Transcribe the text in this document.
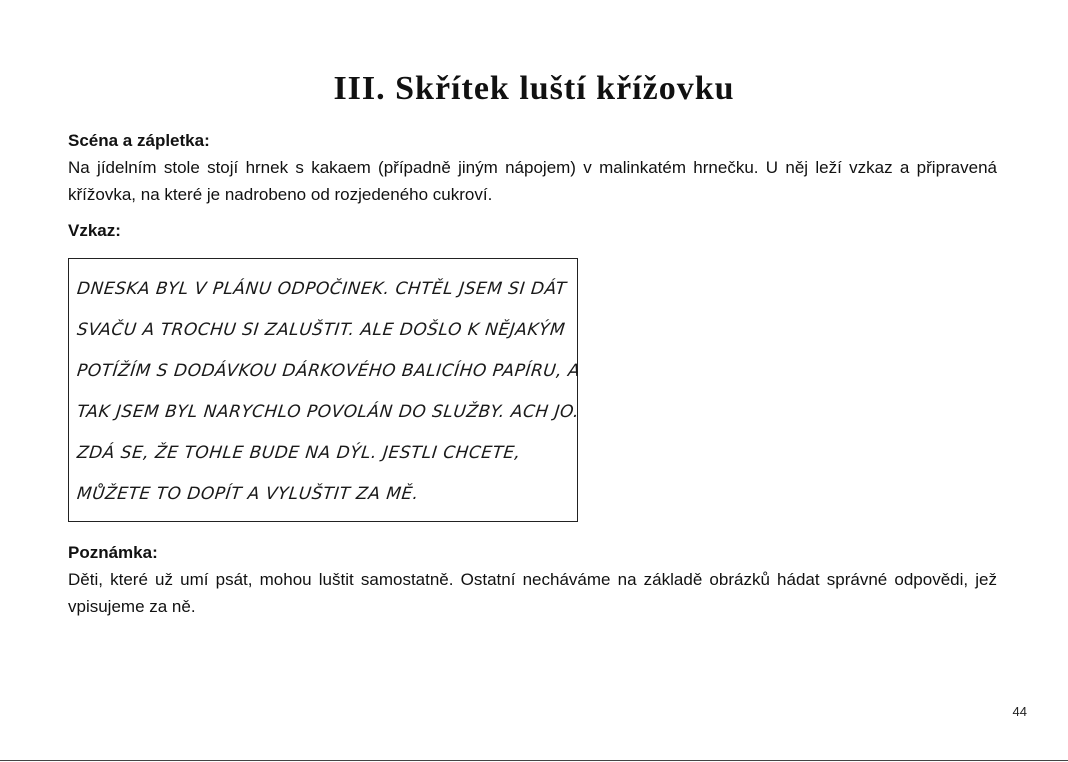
III. Skřítek luští křížovku

Scéna a zápletka:

Na jídelním stole stojí hrnek s kakaem (případně jiným nápojem) v malinkatém hrnečku. U něj leží vzkaz a připravená křížovka, na které je nadrobeno od rozjedeného cukroví.

Vzkaz:

DNESKA BYL V PLÁNU ODPOČINEK. CHTĚL JSEM SI DÁT
SVAČU A TROCHU SI ZALUŠTIT. ALE DOŠLO K NĚJAKÝM
POTÍŽÍM S DODÁVKOU DÁRKOVÉHO BALICÍHO PAPÍRU, A
TAK JSEM BYL NARYCHLO POVOLÁN DO SLUŽBY. ACH JO.
ZDÁ SE, ŽE TOHLE BUDE NA DÝL. JESTLI CHCETE,
MŮŽETE TO DOPÍT A VYLUŠTIT ZA MĚ.

Poznámka:

Děti, které už umí psát, mohou luštit samostatně. Ostatní necháváme na základě obrázků hádat správné odpovědi, jež vpisujeme za ně.

44
